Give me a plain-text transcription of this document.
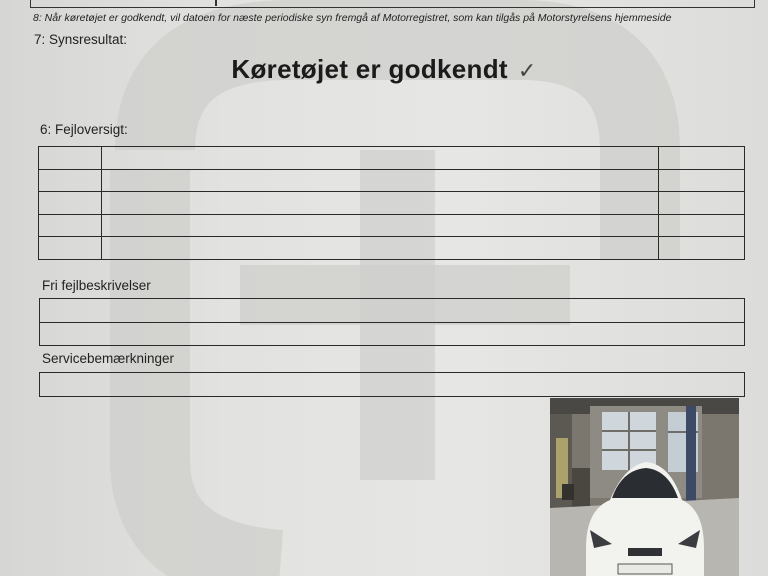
8: Når køretøjet er godkendt, vil datoen for næste periodiske syn fremgå af Motorregistret, som kan tilgås på Motorstyrelsens hjemmeside
7: Synsresultat:
Køretøjet er godkendt ✓
6: Fejloversigt:

Fri fejlbeskrivelser
Servicebemærkninger
